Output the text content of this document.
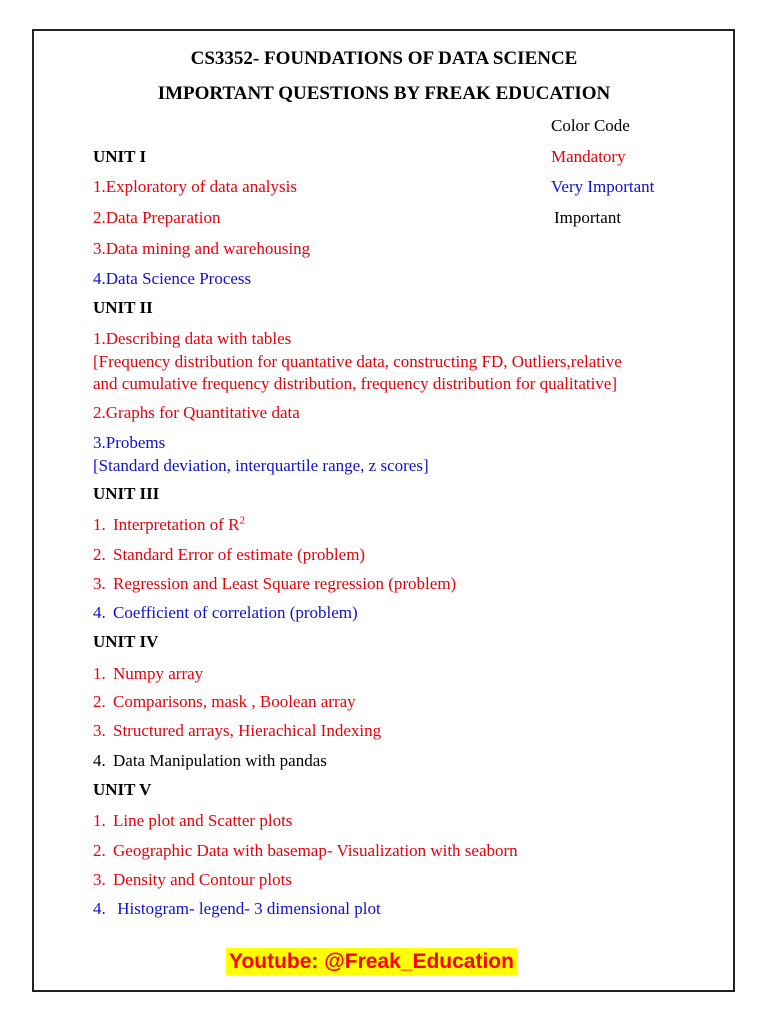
CS3352- FOUNDATIONS OF DATA SCIENCE
IMPORTANT QUESTIONS BY FREAK EDUCATION
Color Code
Mandatory
Very Important
Important
UNIT I
1.Exploratory of data analysis
2.Data Preparation
3.Data mining and warehousing
4.Data Science Process
UNIT II
1.Describing data with tables
[Frequency distribution for quantative data, constructing FD, Outliers,relative
and cumulative frequency distribution, frequency distribution for qualitative]
2.Graphs for Quantitative data
3.Probems
[Standard deviation, interquartile range, z scores]
UNIT III
1. Interpretation of $R^2$
2. Standard Error of estimate (problem)
3. Regression and Least Square regression (problem)
4. Coefficient of correlation (problem)
UNIT IV
1. Numpy array
2. Comparisons, mask , Boolean array
3. Structured arrays, Hierachical Indexing
4. Data Manipulation with pandas
UNIT V
1. Line plot and Scatter plots
2. Geographic Data with basemap- Visualization with seaborn
3. Density and Contour plots
4. Histogram- legend- 3 dimensional plot
Youtube: @Freak_Education
